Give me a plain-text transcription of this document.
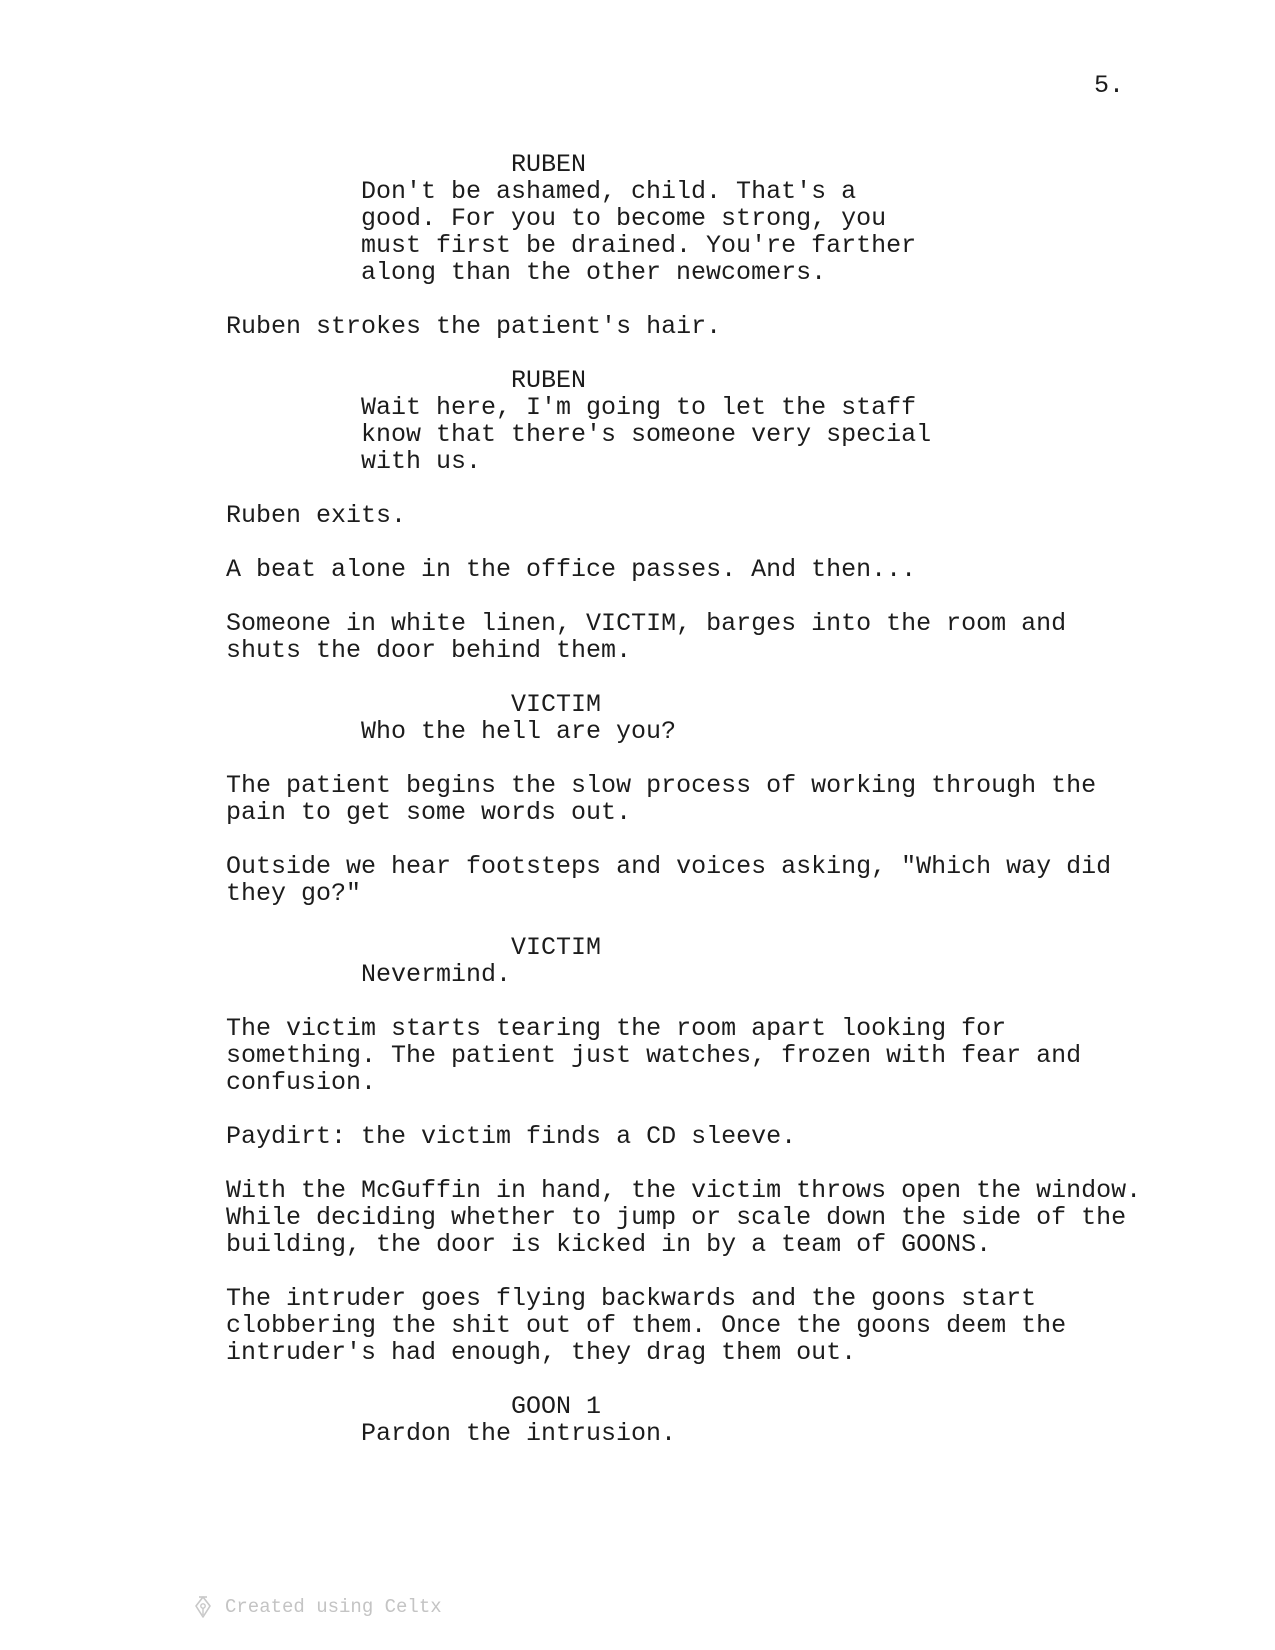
5.

RUBEN

Don't be ashamed, child. That's a
good. For you to become strong, you
must first be drained. You're farther
along than the other newcomers.

Ruben strokes the patient's hair.

RUBEN

Wait here, I'm going to let the staff
know that there's someone very special
with us.

Ruben exits.

A beat alone in the office passes. And then...

Someone in white linen, VICTIM, barges into the room and
shuts the door behind them.

VICTIM

Who the hell are you?

The patient begins the slow process of working through the
pain to get some words out.

Outside we hear footsteps and voices asking, "Which way did
they go?"

VICTIM

Nevermind.

The victim starts tearing the room apart looking for
something. The patient just watches, frozen with fear and
confusion.

Paydirt: the victim finds a CD sleeve.

With the McGuffin in hand, the victim throws open the window.
While deciding whether to jump or scale down the side of the
building, the door is kicked in by a team of GOONS.

The intruder goes flying backwards and the goons start
clobbering the shit out of them. Once the goons deem the
intruder's had enough, they drag them out.

GOON 1

Pardon the intrusion.

Created using Celtx
